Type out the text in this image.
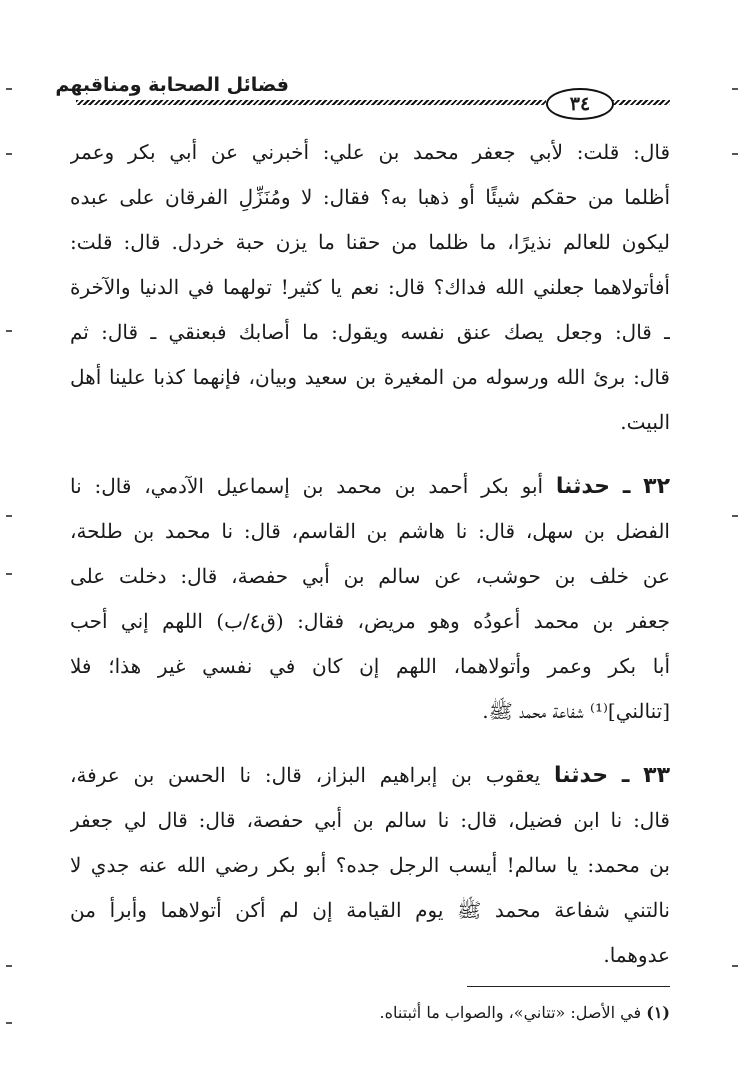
فضائل الصحابة ومناقبهم
٣٤
قال: قلت: لأبي جعفر محمد بن علي: أخبرني عن أبي بكر وعمر
أظلما من حقكم شيئًا أو ذهبا به؟ فقال: لا ومُنَزِّلِ الفرقان على عبده
ليكون للعالم نذيرًا، ما ظلما من حقنا ما يزن حبة خردل. قال: قلت:
أفأتولاهما جعلني الله فداك؟ قال: نعم يا كثير! تولهما في الدنيا والآخرة
ـ قال: وجعل يصك عنق نفسه ويقول: ما أصابك فبعنقي ـ قال: ثم
قال: برئ الله ورسوله من المغيرة بن سعيد وبيان، فإنهما كذبا علينا أهل
البيت.
٣٢ ـ حدثنا أبو بكر أحمد بن محمد بن إسماعيل الآدمي، قال: نا
الفضل بن سهل، قال: نا هاشم بن القاسم، قال: نا محمد بن طلحة،
عن خلف بن حوشب، عن سالم بن أبي حفصة، قال: دخلت على
جعفر بن محمد أعودُه وهو مريض، فقال: (ق٤/ب) اللهم إني أحب
أبا بكر وعمر وأتولاهما، اللهم إن كان في نفسي غير هذا؛ فلا
[تنالني]⁽¹⁾ شفاعة محمد ﷺ.
٣٣ ـ حدثنا يعقوب بن إبراهيم البزاز، قال: نا الحسن بن عرفة،
قال: نا ابن فضيل، قال: نا سالم بن أبي حفصة، قال: قال لي جعفر
بن محمد: يا سالم! أيسب الرجل جده؟ أبو بكر رضي الله عنه جدي لا
نالتني شفاعة محمد ﷺ يوم القيامة إن لم أكن أتولاهما وأبرأ من
عدوهما.
(١) في الأصل: «تتاني»، والصواب ما أثبتناه.
